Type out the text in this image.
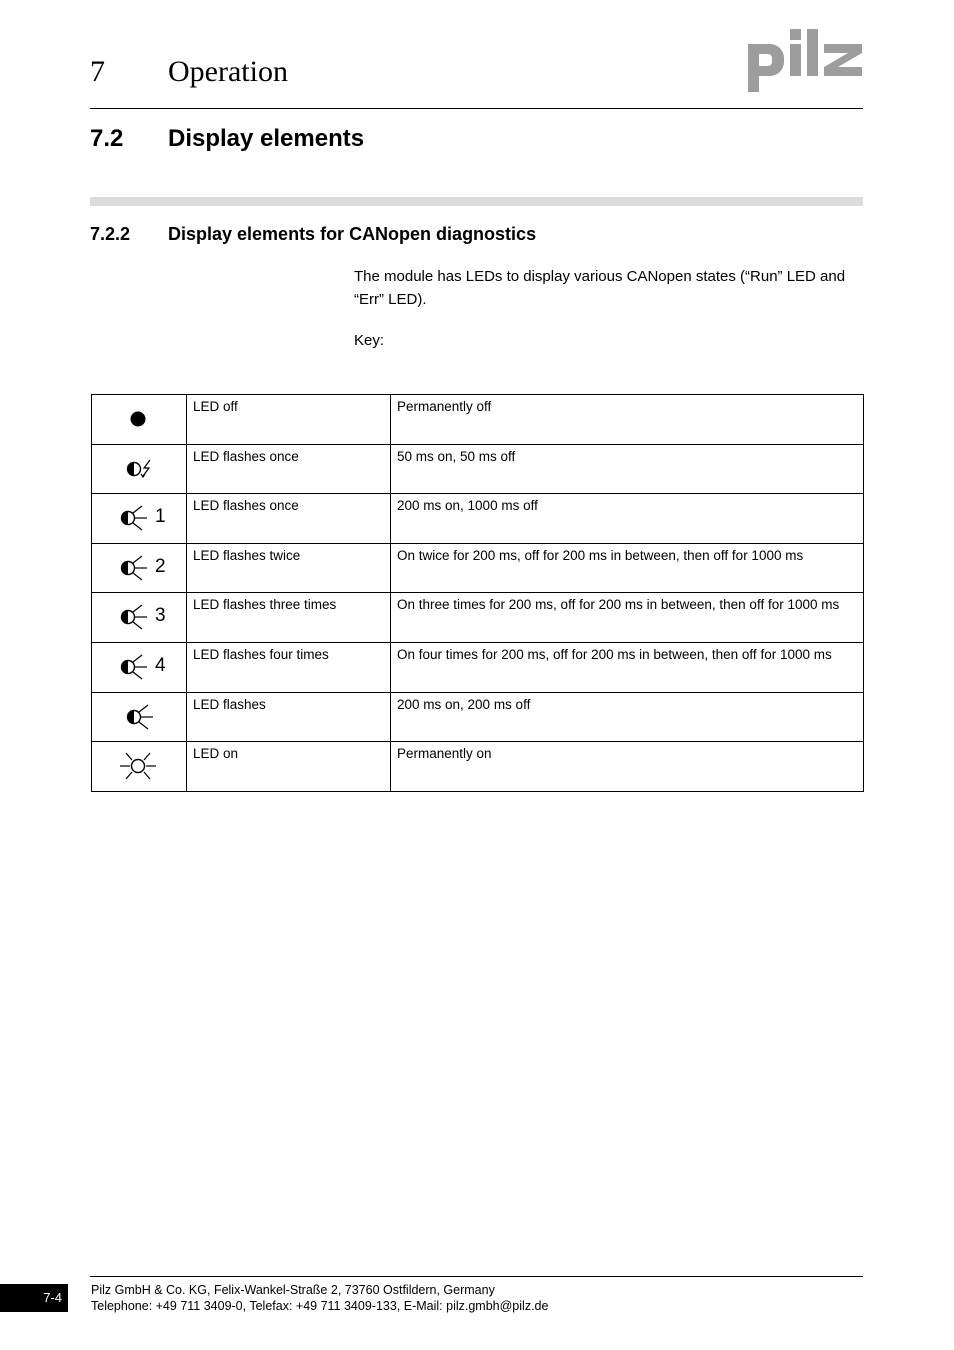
7 Operation
7.2 Display elements
7.2.2 Display elements for CANopen diagnostics
The module has LEDs to display various CANopen states (“Run” LED and “Err” LED).
Key:
	LED off	Permanently off

	LED flashes once	50 ms on, 50 ms off

1	LED flashes once	200 ms on, 1000 ms off

2	LED flashes twice	On twice for 200 ms, off for 200 ms in between, then off for 1000 ms

3	LED flashes three times	On three times for 200 ms, off for 200 ms in between, then off for 1000 ms

4	LED flashes four times	On four times for 200 ms, off for 200 ms in between, then off for 1000 ms

	LED flashes	200 ms on, 200 ms off

	LED on	Permanently on
7-4 Pilz GmbH & Co. KG, Felix-Wankel-Straße 2, 73760 Ostfildern, Germany
Telephone: +49 711 3409-0, Telefax: +49 711 3409-133, E-Mail: pilz.gmbh@pilz.de
